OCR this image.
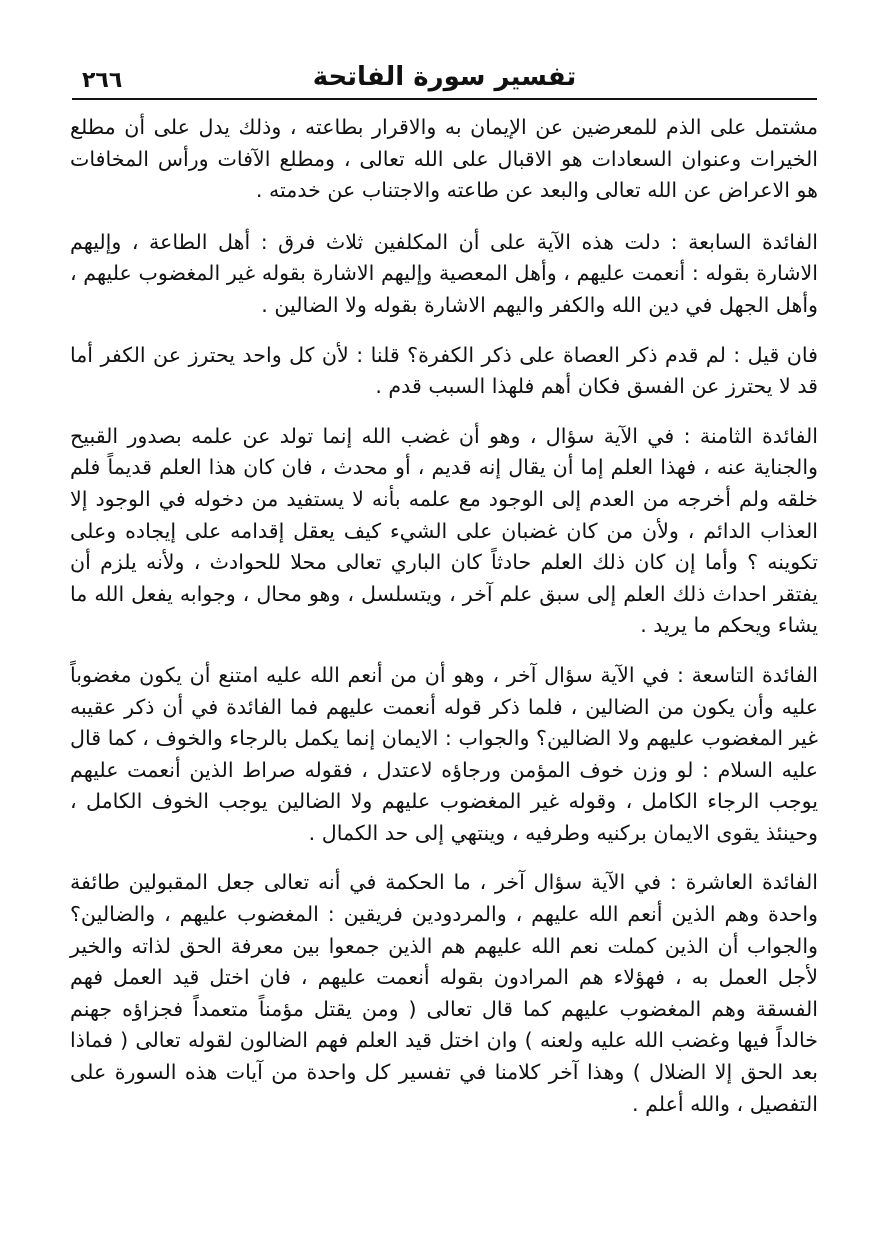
٢٦٦	تفسير سورة الفاتحة

مشتمل على الذم للمعرضين عن الإيمان به والاقرار بطاعته ، وذلك يدل على أن مطلع الخيرات وعنوان السعادات هو الاقبال على الله تعالى ، ومطلع الآفات ورأس المخافات هو الاعراض عن الله تعالى والبعد عن طاعته والاجتناب عن خدمته .

الفائدة السابعة : دلت هذه الآية على أن المكلفين ثلاث فرق : أهل الطاعة ، وإليهم الاشارة بقوله : أنعمت عليهم ، وأهل المعصية وإليهم الاشارة بقوله غير المغضوب عليهم ، وأهل الجهل في دين الله والكفر واليهم الاشارة بقوله ولا الضالين .

فان قيل : لم قدم ذكر العصاة على ذكر الكفرة؟ قلنا : لأن كل واحد يحترز عن الكفر أما قد لا يحترز عن الفسق فكان أهم فلهذا السبب قدم .

الفائدة الثامنة : في الآية سؤال ، وهو أن غضب الله إنما تولد عن علمه بصدور القبيح والجناية عنه ، فهذا العلم إما أن يقال إنه قديم ، أو محدث ، فان كان هذا العلم قديماً فلم خلقه ولم أخرجه من العدم إلى الوجود مع علمه بأنه لا يستفيد من دخوله في الوجود إلا العذاب الدائم ، ولأن من كان غضبان على الشيء كيف يعقل إقدامه على إيجاده وعلى تكوينه ؟ وأما إن كان ذلك العلم حادثاً كان الباري تعالى محلا للحوادث ، ولأنه يلزم أن يفتقر احداث ذلك العلم إلى سبق علم آخر ، ويتسلسل ، وهو محال ، وجوابه يفعل الله ما يشاء ويحكم ما يريد .

الفائدة التاسعة : في الآية سؤال آخر ، وهو أن من أنعم الله عليه امتنع أن يكون مغضوباً عليه وأن يكون من الضالين ، فلما ذكر قوله أنعمت عليهم فما الفائدة في أن ذكر عقيبه غير المغضوب عليهم ولا الضالين؟ والجواب : الايمان إنما يكمل بالرجاء والخوف ، كما قال عليه السلام : لو وزن خوف المؤمن ورجاؤه لاعتدل ، فقوله صراط الذين أنعمت عليهم يوجب الرجاء الكامل ، وقوله غير المغضوب عليهم ولا الضالين يوجب الخوف الكامل ، وحينئذ يقوى الايمان بركنيه وطرفيه ، وينتهي إلى حد الكمال .

الفائدة العاشرة : في الآية سؤال آخر ، ما الحكمة في أنه تعالى جعل المقبولين طائفة واحدة وهم الذين أنعم الله عليهم ، والمردودين فريقين : المغضوب عليهم ، والضالين؟ والجواب أن الذين كملت نعم الله عليهم هم الذين جمعوا بين معرفة الحق لذاته والخير لأجل العمل به ، فهؤلاء هم المرادون بقوله أنعمت عليهم ، فان اختل قيد العمل فهم الفسقة وهم المغضوب عليهم كما قال تعالى ( ومن يقتل مؤمناً متعمداً فجزاؤه جهنم خالداً فيها وغضب الله عليه ولعنه ) وان اختل قيد العلم فهم الضالون لقوله تعالى ( فماذا بعد الحق إلا الضلال ) وهذا آخر كلامنا في تفسير كل واحدة من آيات هذه السورة على التفصيل ، والله أعلم .
